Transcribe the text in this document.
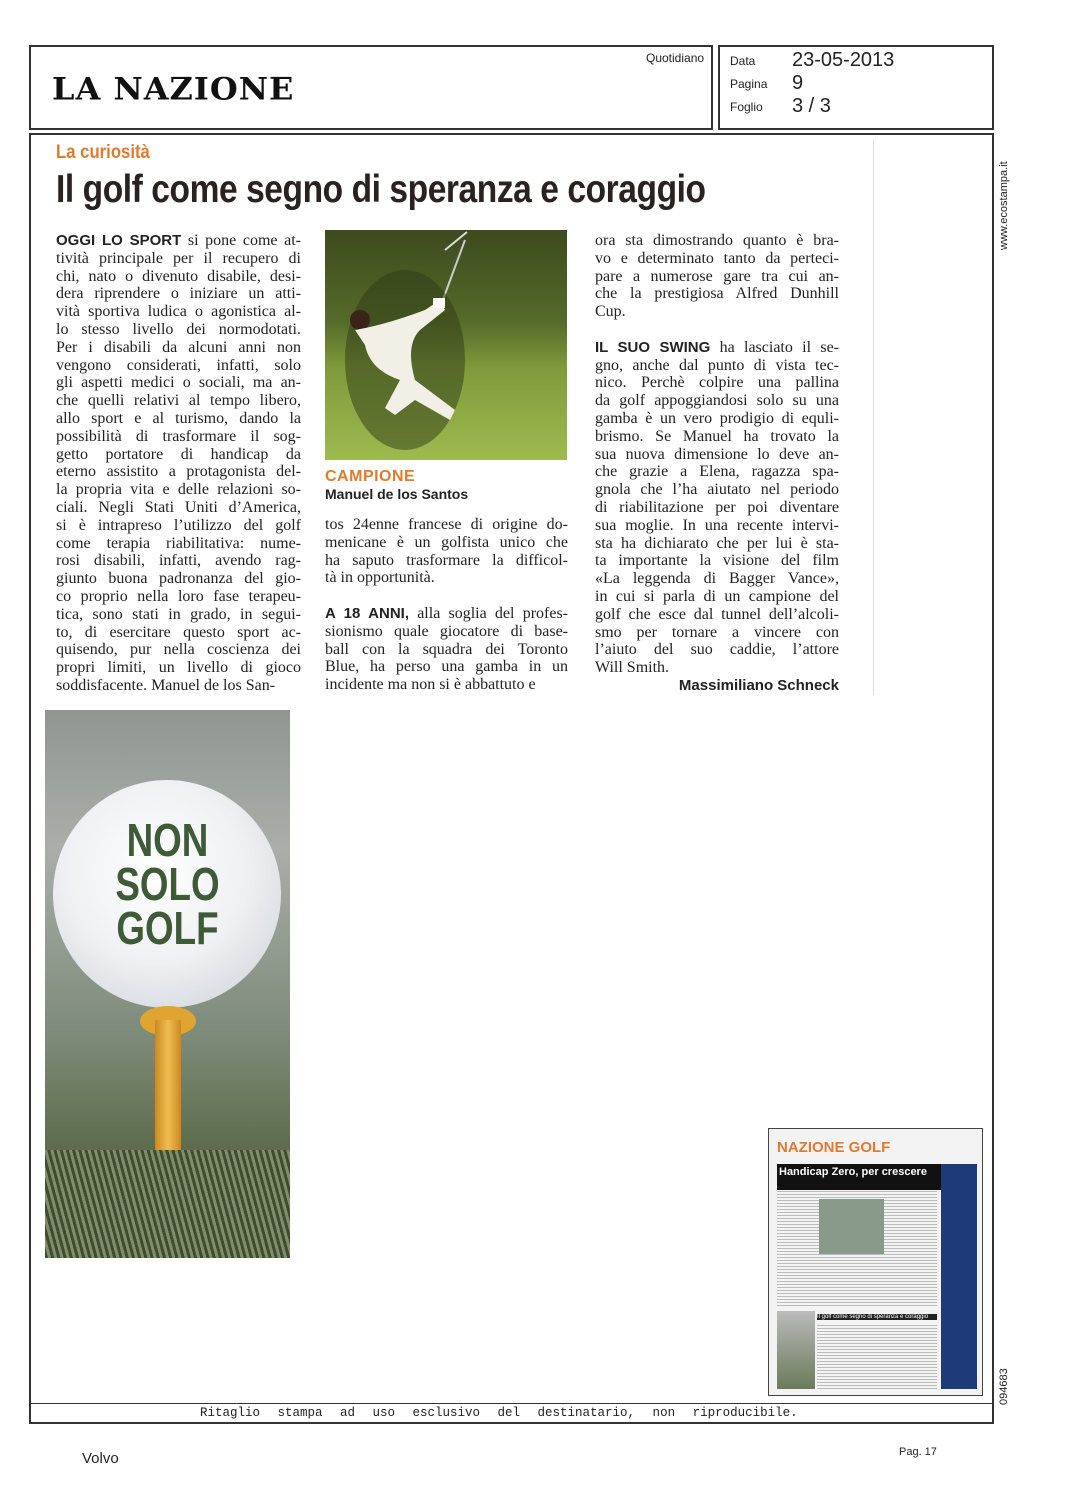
LA NAZIONE
Quotidiano Data 23-05-2013
Pagina 9
Foglio 3 / 3
La curiosità
Il golf come segno di speranza e coraggio
OGGI LO SPORT si pone come at-
tività principale per il recupero di
chi, nato o divenuto disabile, desi-
dera riprendere o iniziare un atti-
vità sportiva ludica o agonistica al-
lo stesso livello dei normodotati.
Per i disabili da alcuni anni non
vengono considerati, infatti, solo
gli aspetti medici o sociali, ma an-
che quelli relativi al tempo libero,
allo sport e al turismo, dando la
possibilità di trasformare il sog-
getto portatore di handicap da
eterno assistito a protagonista del-
la propria vita e delle relazioni so-
ciali. Negli Stati Uniti d’America,
si è intrapreso l’utilizzo del golf
come terapia riabilitativa: nume-
rosi disabili, infatti, avendo rag-
giunto buona padronanza del gio-
co proprio nella loro fase terapeu-
tica, sono stati in grado, in segui-
to, di esercitare questo sport ac-
quisendo, pur nella coscienza dei
propri limiti, un livello di gioco
soddisfacente. Manuel de los San-
CAMPIONE
Manuel de los Santos
tos 24enne francese di origine do-
menicane è un golfista unico che
ha saputo trasformare la difficol-
tà in opportunità.
A 18 ANNI, alla soglia del profes-
sionismo quale giocatore di base-
ball con la squadra dei Toronto
Blue, ha perso una gamba in un
incidente ma non si è abbattuto e
ora sta dimostrando quanto è bra-
vo e determinato tanto da perteci-
pare a numerose gare tra cui an-
che la prestigiosa Alfred Dunhill
Cup.
IL SUO SWING ha lasciato il se-
gno, anche dal punto di vista tec-
nico. Perchè colpire una pallina
da golf appoggiandosi solo su una
gamba è un vero prodigio di equli-
brismo. Se Manuel ha trovato la
sua nuova dimensione lo deve an-
che grazie a Elena, ragazza spa-
gnola che l’ha aiutato nel periodo
di riabilitazione per poi diventare
sua moglie. In una recente intervi-
sta ha dichiarato che per lui è sta-
ta importante la visione del film
«La leggenda di Bagger Vance»,
in cui si parla di un campione del
golf che esce dal tunnel dell’alcoli-
smo per tornare a vincere con
l’aiuto del suo caddie, l’attore
Will Smith.
Massimiliano Schneck
NON
SOLO
GOLF
NAZIONE GOLF
Handicap Zero, per crescere
Il golf come segno di speranza e coraggio
Ritaglio stampa ad uso esclusivo del destinatario, non riproducibile.
www.ecostampa.it
094683
Volvo	Pag. 17
